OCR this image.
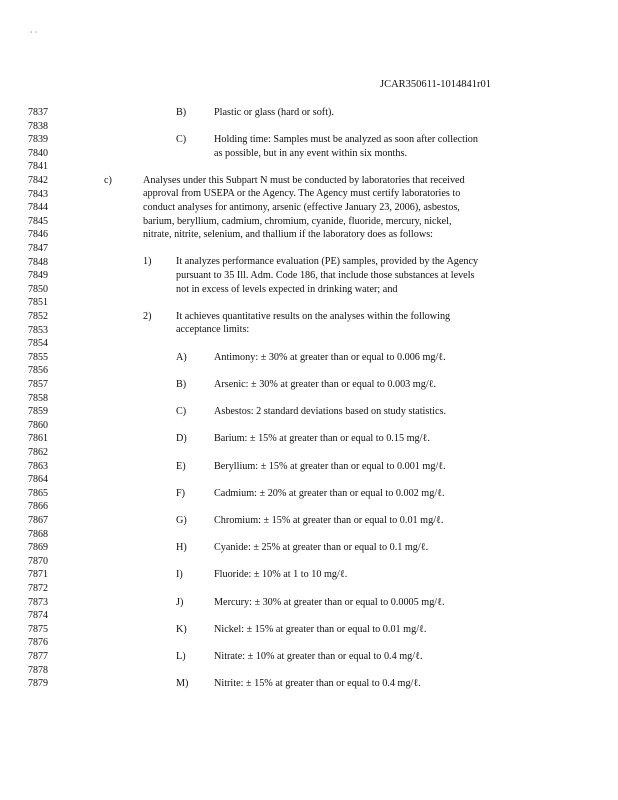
· ·
JCAR350611-1014841r01
7837
7838
7839
7840
7841
7842
7843
7844
7845
7846
7847
7848
7849
7850
7851
7852
7853
7854
7855
7856
7857
7858
7859
7860
7861
7862
7863
7864
7865
7866
7867
7868
7869
7870
7871
7872
7873
7874
7875
7876
7877
7878
7879
B)	Plastic or glass (hard or soft).
C)	Holding time: Samples must be analyzed as soon after collection
as possible, but in any event within six months.
c)	Analyses under this Subpart N must be conducted by laboratories that received
approval from USEPA or the Agency. The Agency must certify laboratories to
conduct analyses for antimony, arsenic (effective January 23, 2006), asbestos,
barium, beryllium, cadmium, chromium, cyanide, fluoride, mercury, nickel,
nitrate, nitrite, selenium, and thallium if the laboratory does as follows:
1) It analyzes performance evaluation (PE) samples, provided by the Agency
pursuant to 35 Ill. Adm. Code 186, that include those substances at levels
not in excess of levels expected in drinking water; and
2) It achieves quantitative results on the analyses within the following
acceptance limits:
A)	Antimony: ± 30% at greater than or equal to 0.006 mg/ℓ.
B)	Arsenic: ± 30% at greater than or equal to 0.003 mg/ℓ.
C)	Asbestos: 2 standard deviations based on study statistics.
D)	Barium: ± 15% at greater than or equal to 0.15 mg/ℓ.
E)	Beryllium: ± 15% at greater than or equal to 0.001 mg/ℓ.
F)	Cadmium: ± 20% at greater than or equal to 0.002 mg/ℓ.
G)	Chromium: ± 15% at greater than or equal to 0.01 mg/ℓ.
H)	Cyanide: ± 25% at greater than or equal to 0.1 mg/ℓ.
I)	Fluoride: ± 10% at 1 to 10 mg/ℓ.
J)	Mercury: ± 30% at greater than or equal to 0.0005 mg/ℓ.
K)	Nickel: ± 15% at greater than or equal to 0.01 mg/ℓ.
L)	Nitrate: ± 10% at greater than or equal to 0.4 mg/ℓ.
M)	Nitrite: ± 15% at greater than or equal to 0.4 mg/ℓ.
